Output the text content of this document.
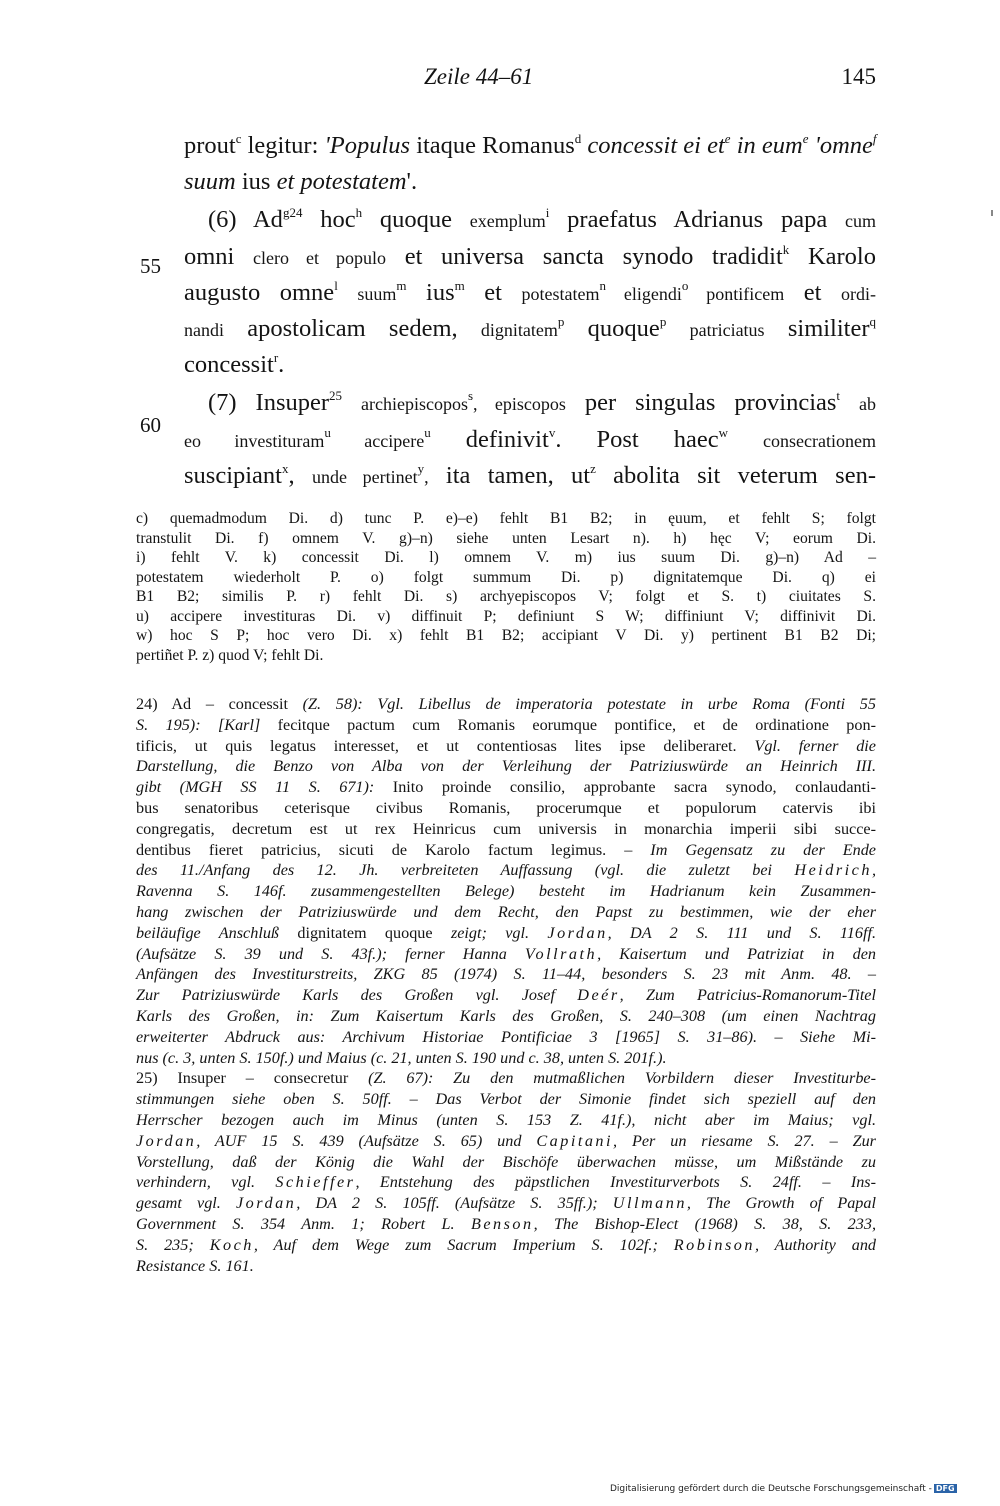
Zeile 44–61	145
55
60
prout$^c$ legitur: 'Populus itaque Romanus$^d$ concessit ei $et^e$ in eum$^e$ 'omne$^f$
suum ius et potestatem'.
(6) $Ad^{g24}$ hoc$^h$ quoque exemplum$^i$ praefatus Adrianus papa cum
omni clero et populo et universa sancta synodo tradidit$^k$ Karolo
augusto omne$^l$ suum$^m$ ius$^m$ et potestatem$^n$ eligendi$^o$ pontificem et ordi-
nandi apostolicam sedem, dignitatem$^p$ quoque$^p$ patriciatus similiter$^q$
concessit$^r$.
(7) Insuper$^{25}$ archiepiscopos$^s$, episcopos per singulas provincias$^t$ ab
eo investituram$^u$ accipere$^u$ definivit$^v$. Post haec$^w$ consecrationem
suscipiant$^x$, unde pertinet$^y$, ita tamen, $ut^z$ abolita sit veterum sen-
c) quemadmodum Di. d) tunc P. e)–e) fehlt B1 B2; in ęuum, et fehlt S; folgt
transtulit Di. f) omnem V. g)–n) siehe unten Lesart n). h) hęc V; eorum Di.
i) fehlt V. k) concessit Di. l) omnem V. m) ius suum Di. g)–n) Ad –
potestatem wiederholt P. o) folgt summum Di. p) dignitatemque Di. q) ei
B1 B2; similis P. r) fehlt Di. s) archyepiscopos V; folgt et S. t) ciuitates S.
u) accipere investituras Di. v) diffinuit P; definiunt S W; diffiniunt V; diffinivit Di.
w) hoc S P; hoc vero Di. x) fehlt B1 B2; accipiant V Di. y) pertinent B1 B2 Di;
pertiñet P. z) quod V; fehlt Di.
24) Ad – concessit (Z. 58): Vgl. Libellus de imperatoria potestate in urbe Roma (Fonti 55
S. 195): [Karl] fecitque pactum cum Romanis eorumque pontifice, et de ordinatione pon-
tificis, ut quis legatus interesset, et ut contentiosas lites ipse deliberaret. Vgl. ferner die
Darstellung, die Benzo von Alba von der Verleihung der Patriziuswürde an Heinrich III.
gibt (MGH SS 11 S. 671): Inito proinde consilio, approbante sacra synodo, conlaudanti-
bus senatoribus ceterisque civibus Romanis, procerumque et populorum catervis ibi
congregatis, decretum est ut rex Heinricus cum universis in monarchia imperii sibi succe-
dentibus fieret patricius, sicuti de Karolo factum legimus. – Im Gegensatz zu der Ende
des 11./Anfang des 12. Jh. verbreiteten Auffassung (vgl. die zuletzt bei Heidrich,
Ravenna S. 146f. zusammengestellten Belege) besteht im Hadrianum kein Zusammen-
hang zwischen der Patriziuswürde und dem Recht, den Papst zu bestimmen, wie der eher
beiläufige Anschluß dignitatem quoque zeigt; vgl. Jordan, DA 2 S. 111 und S. 116ff.
(Aufsätze S. 39 und S. 43f.); ferner Hanna Vollrath, Kaisertum und Patriziat in den
Anfängen des Investiturstreits, ZKG 85 (1974) S. 11–44, besonders S. 23 mit Anm. 48. –
Zur Patriziuswürde Karls des Großen vgl. Josef Deér, Zum Patricius-Romanorum-Titel
Karls des Großen, in: Zum Kaisertum Karls des Großen, S. 240–308 (um einen Nachtrag
erweiterter Abdruck aus: Archivum Historiae Pontificiae 3 [1965] S. 31–86). – Siehe Mi-
nus (c. 3, unten S. 150f.) und Maius (c. 21, unten S. 190 und c. 38, unten S. 201f.).
25) Insuper – consecretur (Z. 67): Zu den mutmaßlichen Vorbildern dieser Investiturbe-
stimmungen siehe oben S. 50ff. – Das Verbot der Simonie findet sich speziell auf den
Herrscher bezogen auch im Minus (unten S. 153 Z. 41f.), nicht aber im Maius; vgl.
Jordan, AUF 15 S. 439 (Aufsätze S. 65) und Capitani, Per un riesame S. 27. – Zur
Vorstellung, daß der König die Wahl der Bischöfe überwachen müsse, um Mißstände zu
verhindern, vgl. Schieffer, Entstehung des päpstlichen Investiturverbots S. 24ff. – Ins-
gesamt vgl. Jordan, DA 2 S. 105ff. (Aufsätze S. 35ff.); Ullmann, The Growth of Papal
Government S. 354 Anm. 1; Robert L. Benson, The Bishop-Elect (1968) S. 38, S. 233,
S. 235; Koch, Auf dem Wege zum Sacrum Imperium S. 102f.; Robinson, Authority and
Resistance S. 161.
Digitalisierung gefördert durch die Deutsche Forschungsgemeinschaft - DFG
